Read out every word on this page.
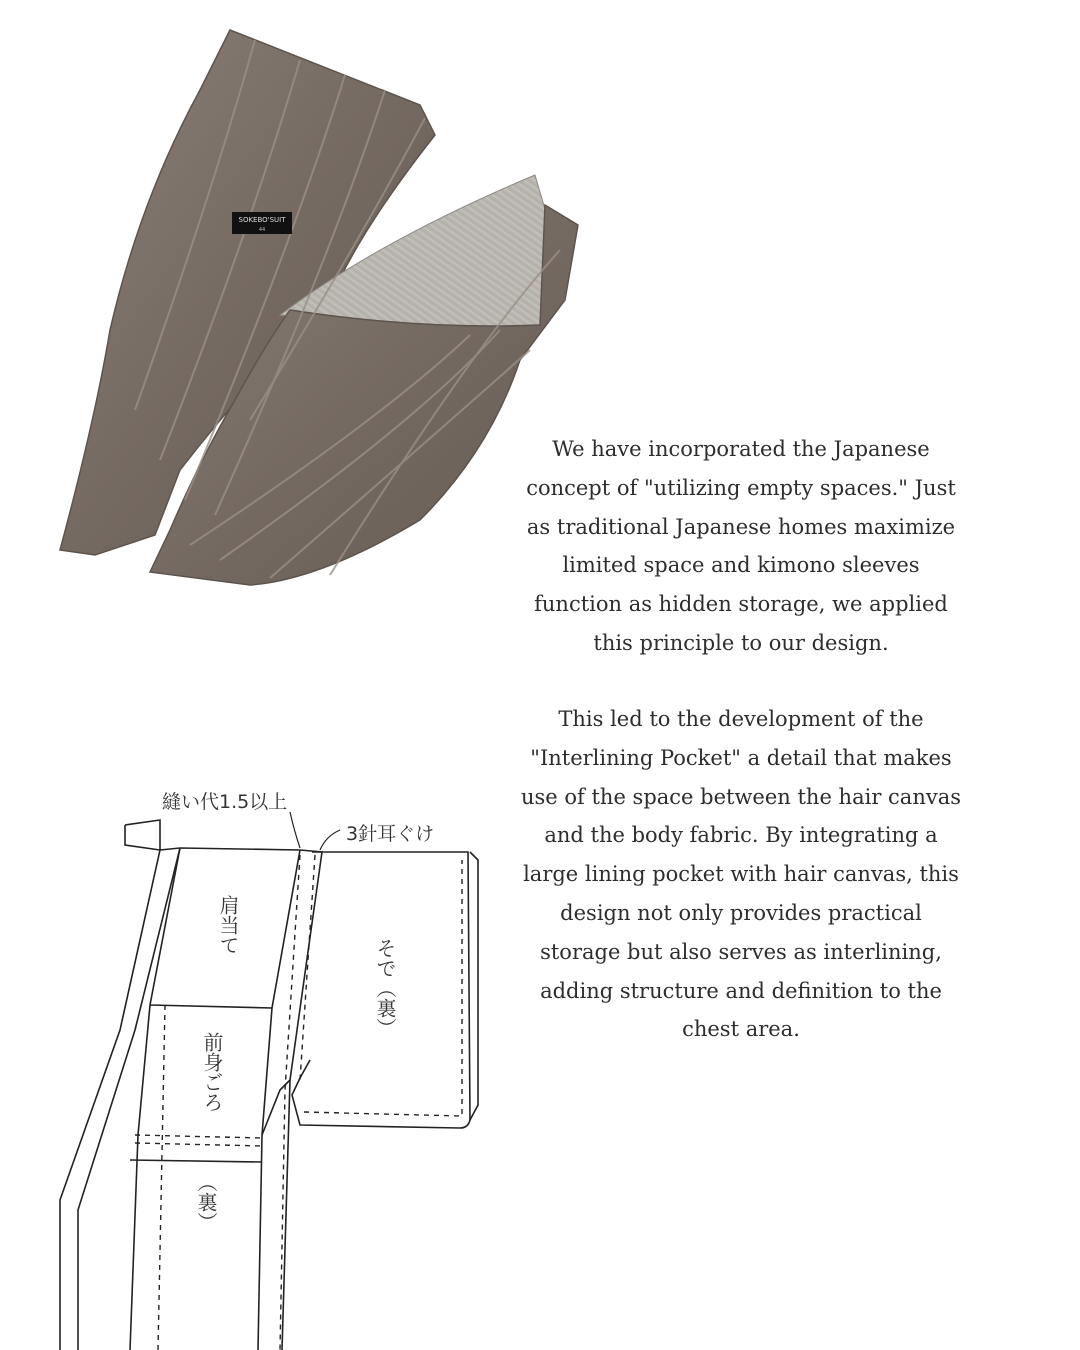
SOKEBO'SUIT
44

We have incorporated the Japanese concept of "utilizing empty spaces." Just as traditional Japanese homes maximize limited space and kimono sleeves function as hidden storage, we applied this principle to our design.

This led to the development of the "Interlining Pocket" a detail that makes use of the space between the hair canvas and the body fabric. By integrating a large lining pocket with hair canvas, this design not only provides practical storage but also serves as interlining, adding structure and definition to the chest area.

縫い代1.5以上
3針耳ぐけ
肩当て
前身ごろ
（裏）
そで（裏）
